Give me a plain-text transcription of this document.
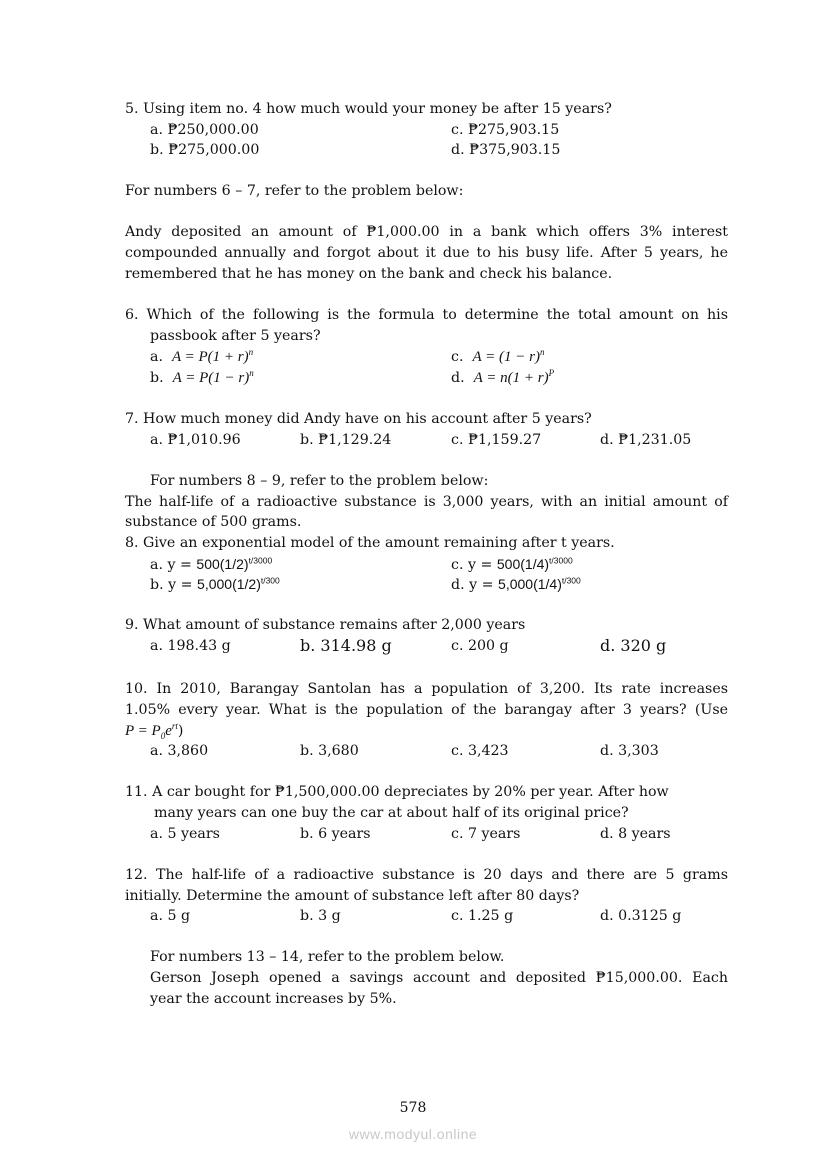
5. Using item no. 4 how much would your money be after 15 years?
a. ₱250,000.00	c. ₱275,903.15
b. ₱275,000.00	d. ₱375,903.15
For numbers 6 – 7, refer to the problem below:
Andy deposited an amount of ₱1,000.00 in a bank which offers 3% interest
compounded annually and forgot about it due to his busy life. After 5 years, he
remembered that he has money on the bank and check his balance.
6. Which of the following is the formula to determine the total amount on his
passbook after 5 years?
a. $A = P(1 + r)^n$	c. $A = (1 - r)^n$
b. $A = P(1 - r)^n$	d. $A = n(1 + r)^P$
7. How much money did Andy have on his account after 5 years?
a. ₱1,010.96	b. ₱1,129.24	c. ₱1,159.27	d. ₱1,231.05
For numbers 8 – 9, refer to the problem below:
The half-life of a radioactive substance is 3,000 years, with an initial amount of
substance of 500 grams.
8. Give an exponential model of the amount remaining after t years.
a. $y = 500(1/2)^{t/3000}$	c. $y = 500(1/4)^{t/3000}$
b. $y = 5,000(1/2)^{t/300}$	d. $y = 5,000(1/4)^{t/300}$
9. What amount of substance remains after 2,000 years
a. 198.43 g	b. 314.98 g	c. 200 g	d. 320 g
10. In 2010, Barangay Santolan has a population of 3,200. Its rate increases
1.05% every year. What is the population of the barangay after 3 years? (Use
$P = P_0e^{rt}$)
a. 3,860	b. 3,680	c. 3,423	d. 3,303
11. A car bought for ₱1,500,000.00 depreciates by 20% per year. After how
many years can one buy the car at about half of its original price?
a. 5 years	b. 6 years	c. 7 years	d. 8 years
12. The half-life of a radioactive substance is 20 days and there are 5 grams
initially. Determine the amount of substance left after 80 days?
a. 5 g	b. 3 g	c. 1.25 g	d. 0.3125 g
For numbers 13 – 14, refer to the problem below.
Gerson Joseph opened a savings account and deposited ₱15,000.00. Each
year the account increases by 5%.
578
www.modyul.online
